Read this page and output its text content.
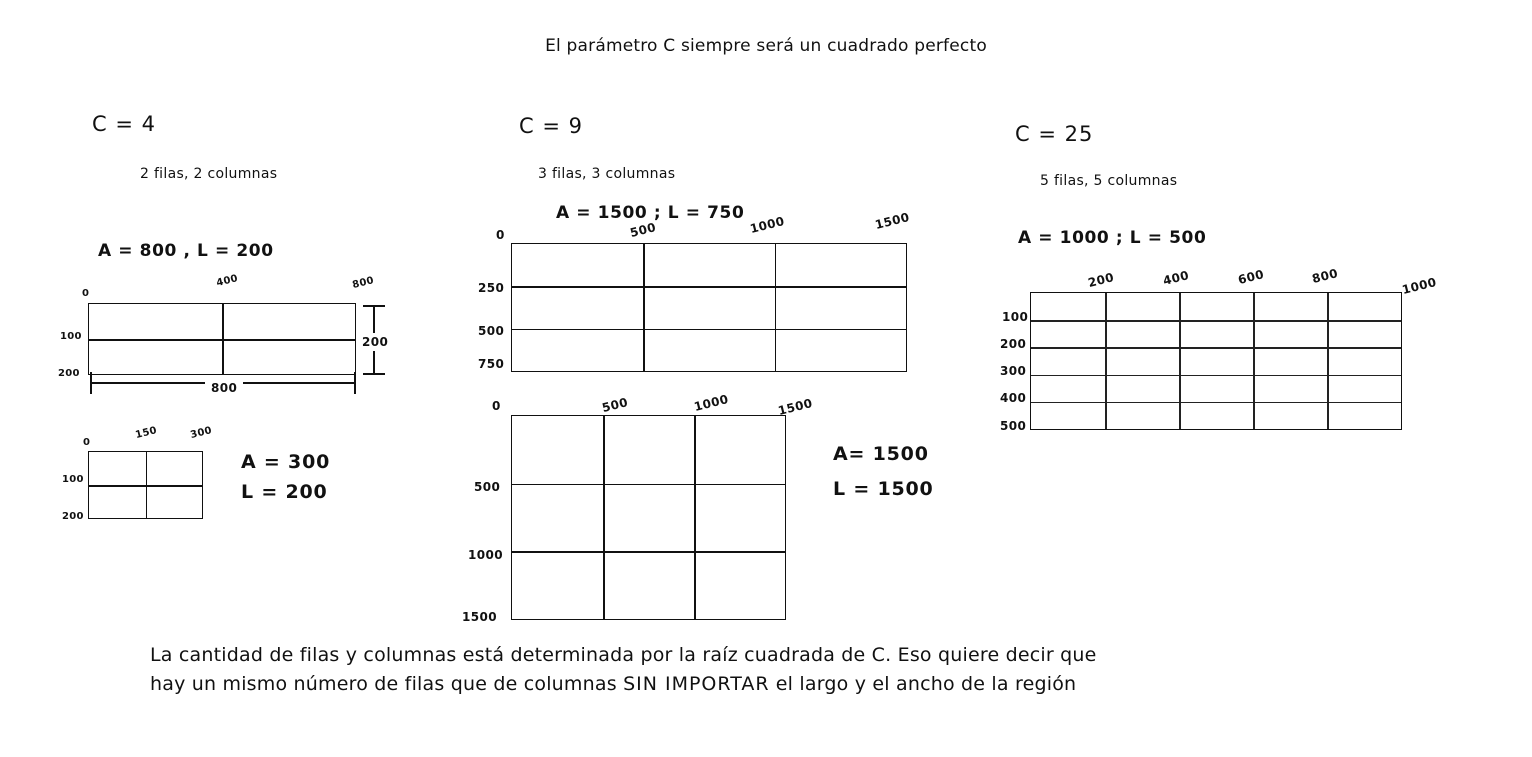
El parámetro C siempre será un cuadrado perfecto
C = 4
2 filas, 2 columnas
A = 800 , L = 200
0
400	800
100
200
800
200
0
150	300
100
200
A = 300
L = 200
C = 9
3 filas, 3 columnas
A = 1500 ; L = 750
0	500	1000	1500
250
500
750
0	500	1000	1500
500
1000
1500
A= 1500
L = 1500
C = 25
5 filas, 5 columnas
A = 1000 ; L = 500
200	400	600	800	1000
100
200
300
400
500
La cantidad de filas y columnas está determinada por la raíz cuadrada de C. Eso quiere decir que
hay un mismo número de filas que de columnas SIN IMPORTAR el largo y el ancho de la región
